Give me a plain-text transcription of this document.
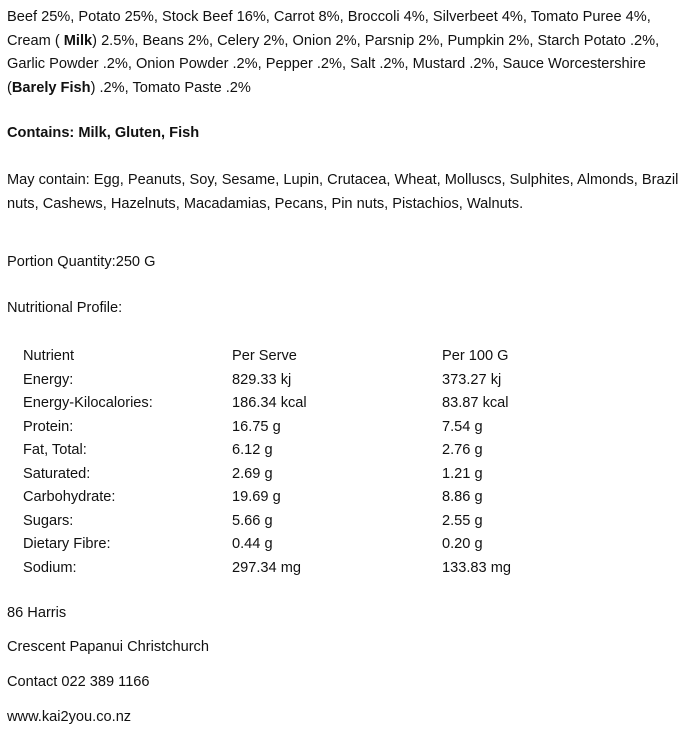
Beef 25%, Potato 25%, Stock Beef 16%, Carrot 8%, Broccoli 4%, Silverbeet 4%, Tomato Puree 4%, Cream ( Milk) 2.5%, Beans 2%, Celery 2%, Onion 2%, Parsnip 2%, Pumpkin 2%, Starch Potato .2%, Garlic Powder .2%, Onion Powder .2%, Pepper .2%, Salt .2%, Mustard .2%, Sauce Worcestershire (Barely Fish) .2%, Tomato Paste .2%
Contains: Milk, Gluten, Fish
May contain: Egg, Peanuts, Soy, Sesame, Lupin, Crutacea, Wheat, Molluscs, Sulphites, Almonds, Brazil nuts, Cashews, Hazelnuts, Macadamias, Pecans, Pin nuts, Pistachios, Walnuts.
Portion Quantity:250 G
Nutritional Profile:
Nutrient	Per Serve	Per 100 G
Energy:	829.33 kj	373.27 kj
Energy-Kilocalories:	186.34 kcal	83.87 kcal
Protein:	16.75 g	7.54 g
Fat, Total:	6.12 g	2.76 g
Saturated:	2.69 g	1.21 g
Carbohydrate:	19.69 g	8.86 g
Sugars:	5.66 g	2.55 g
Dietary Fibre:	0.44 g	0.20 g
Sodium:	297.34 mg	133.83 mg
86 Harris
Crescent Papanui Christchurch
Contact 022 389 1166
www.kai2you.co.nz
